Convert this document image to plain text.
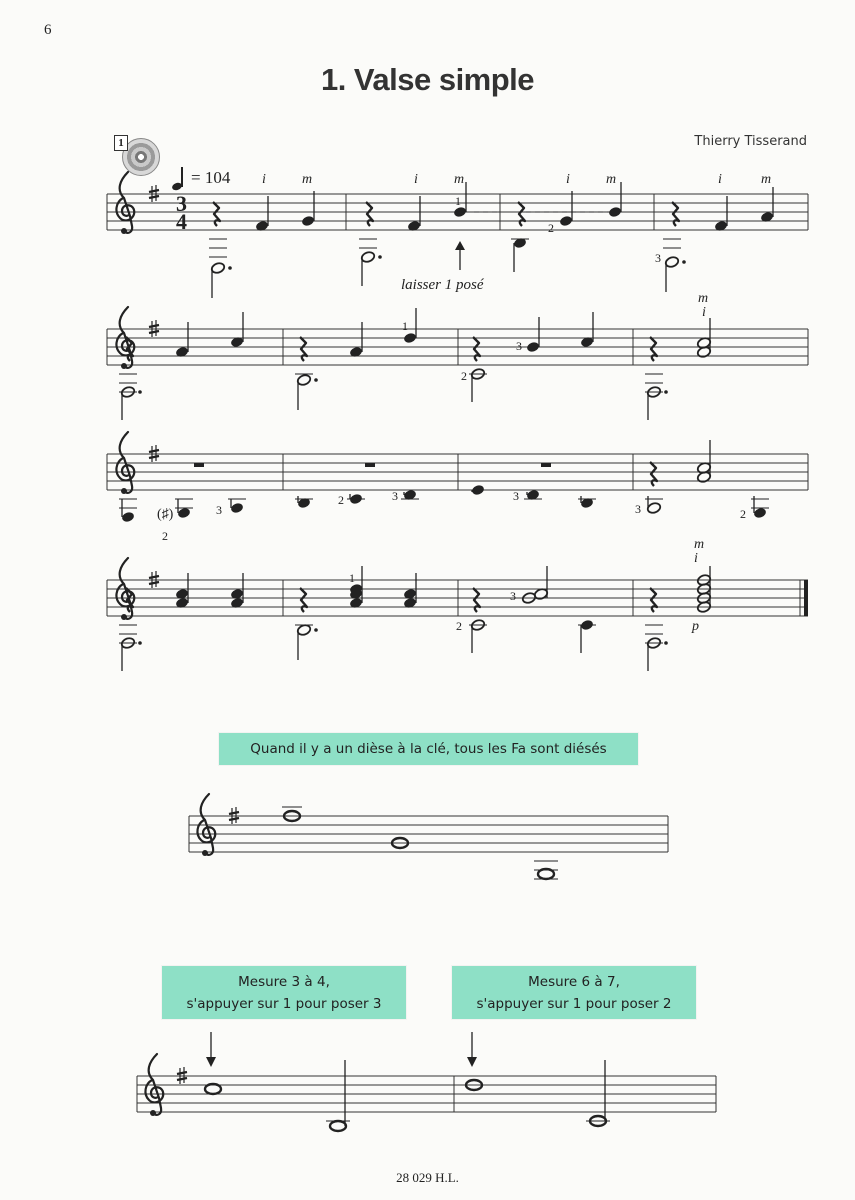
6
1. Valse simple
Thierry Tisserand
1
= 104
3
4
i	m	i	m	i	m	i	m
m
i
m
i
p
1
2
3
1
3
2
2
3
2	3	3
3	2
1
3
2
(♯)
laisser 1 posé
Quand il y a un dièse à la clé, tous les Fa sont diésés
Mesure 3 à 4,
s'appuyer sur 1 pour poser 3
Mesure 6 à 7,
s'appuyer sur 1 pour poser 2
28 029 H.L.
